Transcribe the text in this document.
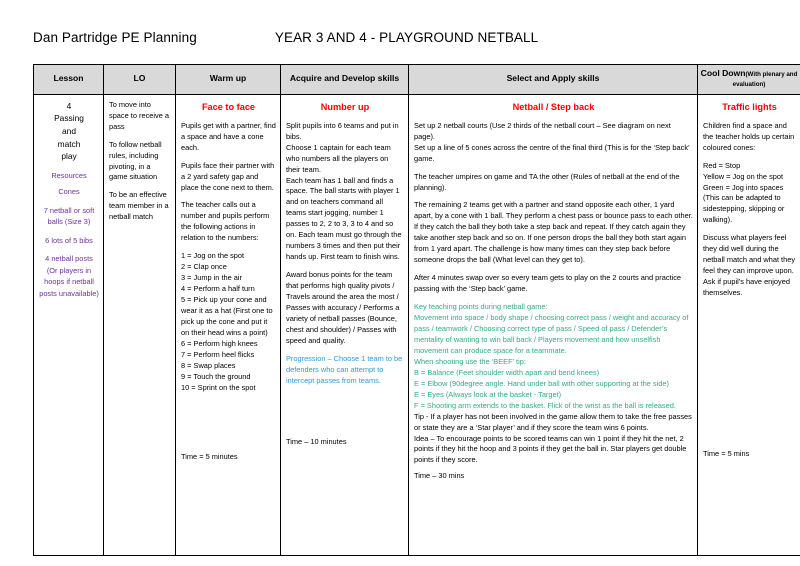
Dan Partridge PE Planning	YEAR 3 AND 4 - PLAYGROUND NETBALL
Lesson	LO	Warm up	Acquire and Develop skills	Select and Apply skills	Cool Down(With plenary and evaluation)

4
Passing
and
match
play
Resources
Cones
7 netball or soft balls (Size 3)
6 lots of 5 bibs
4 netball posts (Or players in hoops if netball posts unavailable)

To move into space to receive a pass
To follow netball rules, including pivoting, in a game situation
To be an effective team member in a netball match

Face to face
Pupils get with a partner, find a space and have a cone each.
Pupils face their partner with a 2 yard safety gap and place the cone next to them.
The teacher calls out a number and pupils perform the following actions in relation to the numbers:
1 = Jog on the spot
2 = Clap once
3 = Jump in the air
4 = Perform a half turn
5 = Pick up your cone and wear it as a hat (First one to pick up the cone and put it on their head wins a point)
6 = Perform high knees
7 = Perform heel flicks
8 = Swap places
9 = Touch the ground
10 = Sprint on the spot
Time = 5 minutes

Number up
Split pupils into 6 teams and put in bibs.
Choose 1 captain for each team who numbers all the players on their team.
Each team has 1 ball and finds a space. The ball starts with player 1 and on teachers command all teams start jogging, number 1 passes to 2, 2 to 3, 3 to 4 and so on. Each team must go through the numbers 3 times and then put their hands up. First team to finish wins.
Award bonus points for the team that performs high quality pivots / Travels around the area the most / Passes with accuracy / Performs a variety of netball passes (Bounce, chest and shoulder) / Passes with speed and quality.
Progression – Choose 1 team to be defenders who can attempt to intercept passes from teams.
Time – 10 minutes

Netball / Step back
Set up 2 netball courts (Use 2 thirds of the netball court – See diagram on next page).
Set up a line of 5 cones across the centre of the final third (This is for the ‘Step back’ game.
The teacher umpires on game and TA the other (Rules of netball at the end of the planning).
The remaining 2 teams get with a partner and stand opposite each other, 1 yard apart, by a cone with 1 ball. They perform a chest pass or bounce pass to each other. If they catch the ball they both take a step back and repeat. If they catch again they take another step back and so on. If one person drops the ball they both start again from 1 yard apart. The challenge is how many times can they step back before someone drops the ball (What level can they get to).
After 4 minutes swap over so every team gets to play on the 2 courts and practice passing with the ‘Step back’ game.
Key teaching points during netball game:
Movement into space / body shape / choosing correct pass / weight and accuracy of pass / teamwork / Choosing correct type of pass / Speed of pass / Defender’s mentality of wanting to win ball back / Players movement and how unselfish movement can produce space for a teammate.
When shooting use the ‘BEEF’ tip:
B = Balance (Feet shoulder width apart and bend knees)
E = Elbow (90degree angle. Hand under ball with other supporting at the side)
E = Eyes (Always look at the basket - Target)
F = Shooting arm extends to the basket. Flick of the wrist as the ball is released.
Tip - If a player has not been involved in the game allow them to take the free passes or state they are a ‘Star player’ and if they score the team wins 6 points.
Idea – To encourage points to be scored teams can win 1 point if they hit the net, 2 points if they hit the hoop and 3 points if they get the ball in. Star players get double points if they score.
Time – 30 mins

Traffic lights
Children find a space and the teacher holds up certain coloured cones:
Red = Stop
Yellow = Jog on the spot
Green = Jog into spaces (This can be adapted to sidestepping, skipping or walking).
Discuss what players feel they did well during the netball match and what they feel they can improve upon. Ask if pupil’s have enjoyed themselves.
Time = 5 mins
